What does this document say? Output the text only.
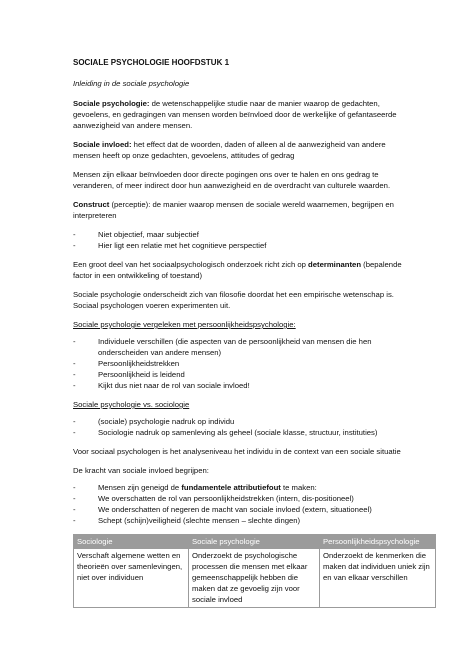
SOCIALE PSYCHOLOGIE HOOFDSTUK 1

Inleiding in de sociale psychologie

Sociale psychologie: de wetenschappelijke studie naar de manier waarop de gedachten, gevoelens, en gedragingen van mensen worden beïnvloed door de werkelijke of gefantaseerde aanwezigheid van andere mensen.

Sociale invloed: het effect dat de woorden, daden of alleen al de aanwezigheid van andere mensen heeft op onze gedachten, gevoelens, attitudes of gedrag

Mensen zijn elkaar beïnvloeden door directe pogingen ons over te halen en ons gedrag te veranderen, of meer indirect door hun aanwezigheid en de overdracht van culturele waarden.

Construct (perceptie): de manier waarop mensen de sociale wereld waarnemen, begrijpen en interpreteren

- Niet objectief, maar subjectief
- Hier ligt een relatie met het cognitieve perspectief

Een groot deel van het sociaalpsychologisch onderzoek richt zich op determinanten (bepalende factor in een ontwikkeling of toestand)

Sociale psychologie onderscheidt zich van filosofie doordat het een empirische wetenschap is. Sociaal psychologen voeren experimenten uit.

Sociale psychologie vergeleken met persoonlijkheidspsychologie:

- Individuele verschillen (die aspecten van de persoonlijkheid van mensen die hen onderscheiden van andere mensen)
- Persoonlijkheidstrekken
- Persoonlijkheid is leidend
- Kijkt dus niet naar de rol van sociale invloed!

Sociale psychologie vs. sociologie

- (sociale) psychologie nadruk op individu
- Sociologie nadruk op samenleving als geheel (sociale klasse, structuur, instituties)

Voor sociaal psychologen is het analyseniveau het individu in de context van een sociale situatie

De kracht van sociale invloed begrijpen:

- Mensen zijn geneigd de fundamentele attributiefout te maken:
- We overschatten de rol van persoonlijkheidstrekken (intern, dis-positioneel)
- We onderschatten of negeren de macht van sociale invloed (extern, situationeel)
- Schept (schijn)veiligheid (slechte mensen – slechte dingen)
Sociologie	Sociale psychologie	Persoonlijkheidspsychologie
Verschaft algemene wetten en theorieën over samenlevingen, niet over individuen	Onderzoekt de psychologische processen die mensen met elkaar gemeenschappelijk hebben die maken dat ze gevoelig zijn voor sociale invloed	Onderzoekt de kenmerken die maken dat individuen uniek zijn en van elkaar verschillen
